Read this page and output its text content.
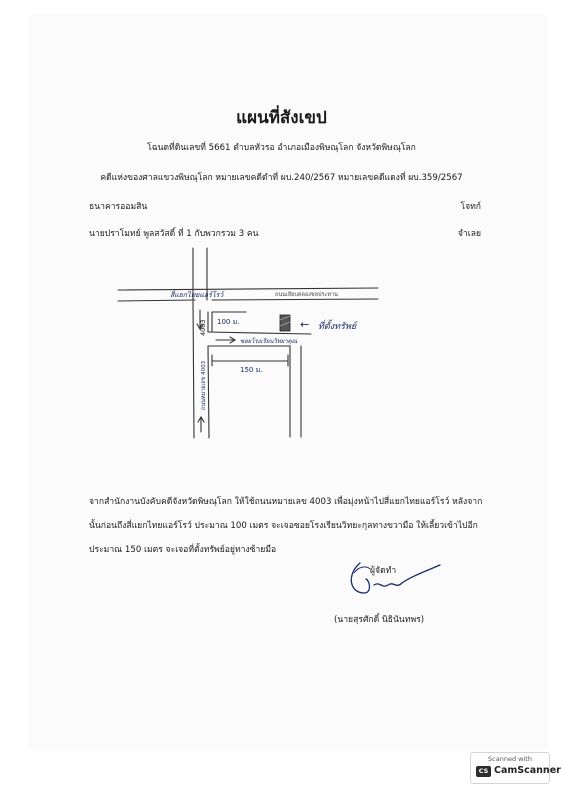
แผนที่สังเขป
โฉนดที่ดินเลขที่ 5661 ตำบลหัวรอ อำเภอเมืองพิษณุโลก จังหวัดพิษณุโลก
คดีแห่งของศาลแขวงพิษณุโลก หมายเลขคดีดำที่ ผบ.240/2567 หมายเลขคดีแดงที่ ผบ.359/2567
ธนาคารออมสิน	โจทก์
นายปราโมทย์ พูลสวัสดิ์ ที่ 1 กับพวกรวม 3 คน	จำเลย
สี่แยกไทยแอร์โรว์	ถนนเลียบคลองชลประทาน
4003
ถนนหมายเลข 4003
ซอยโรงเรียนวิทยาคุณ
100 ม.
150 ม.
← ที่ตั้งทรัพย์
จากสำนักงานบังคับคดีจังหวัดพิษณุโลก ให้ใช้ถนนหมายเลข 4003 เพื่อมุ่งหน้าไปสี่แยกไทยแอร์โรว์ หลังจาก
นั้นก่อนถึงสี่แยกไทยแอร์โรว์ ประมาณ 100 เมตร จะเจอซอยโรงเรียนวิทยะกุลทางขวามือ ให้เลี้ยวเข้าไปอีก
ประมาณ 150 เมตร จะเจอที่ตั้งทรัพย์อยู่ทางซ้ายมือ
ผู้จัดทำ
(นายสุรศักดิ์ นิธินันทพร)
Scanned with
CS CamScanner
